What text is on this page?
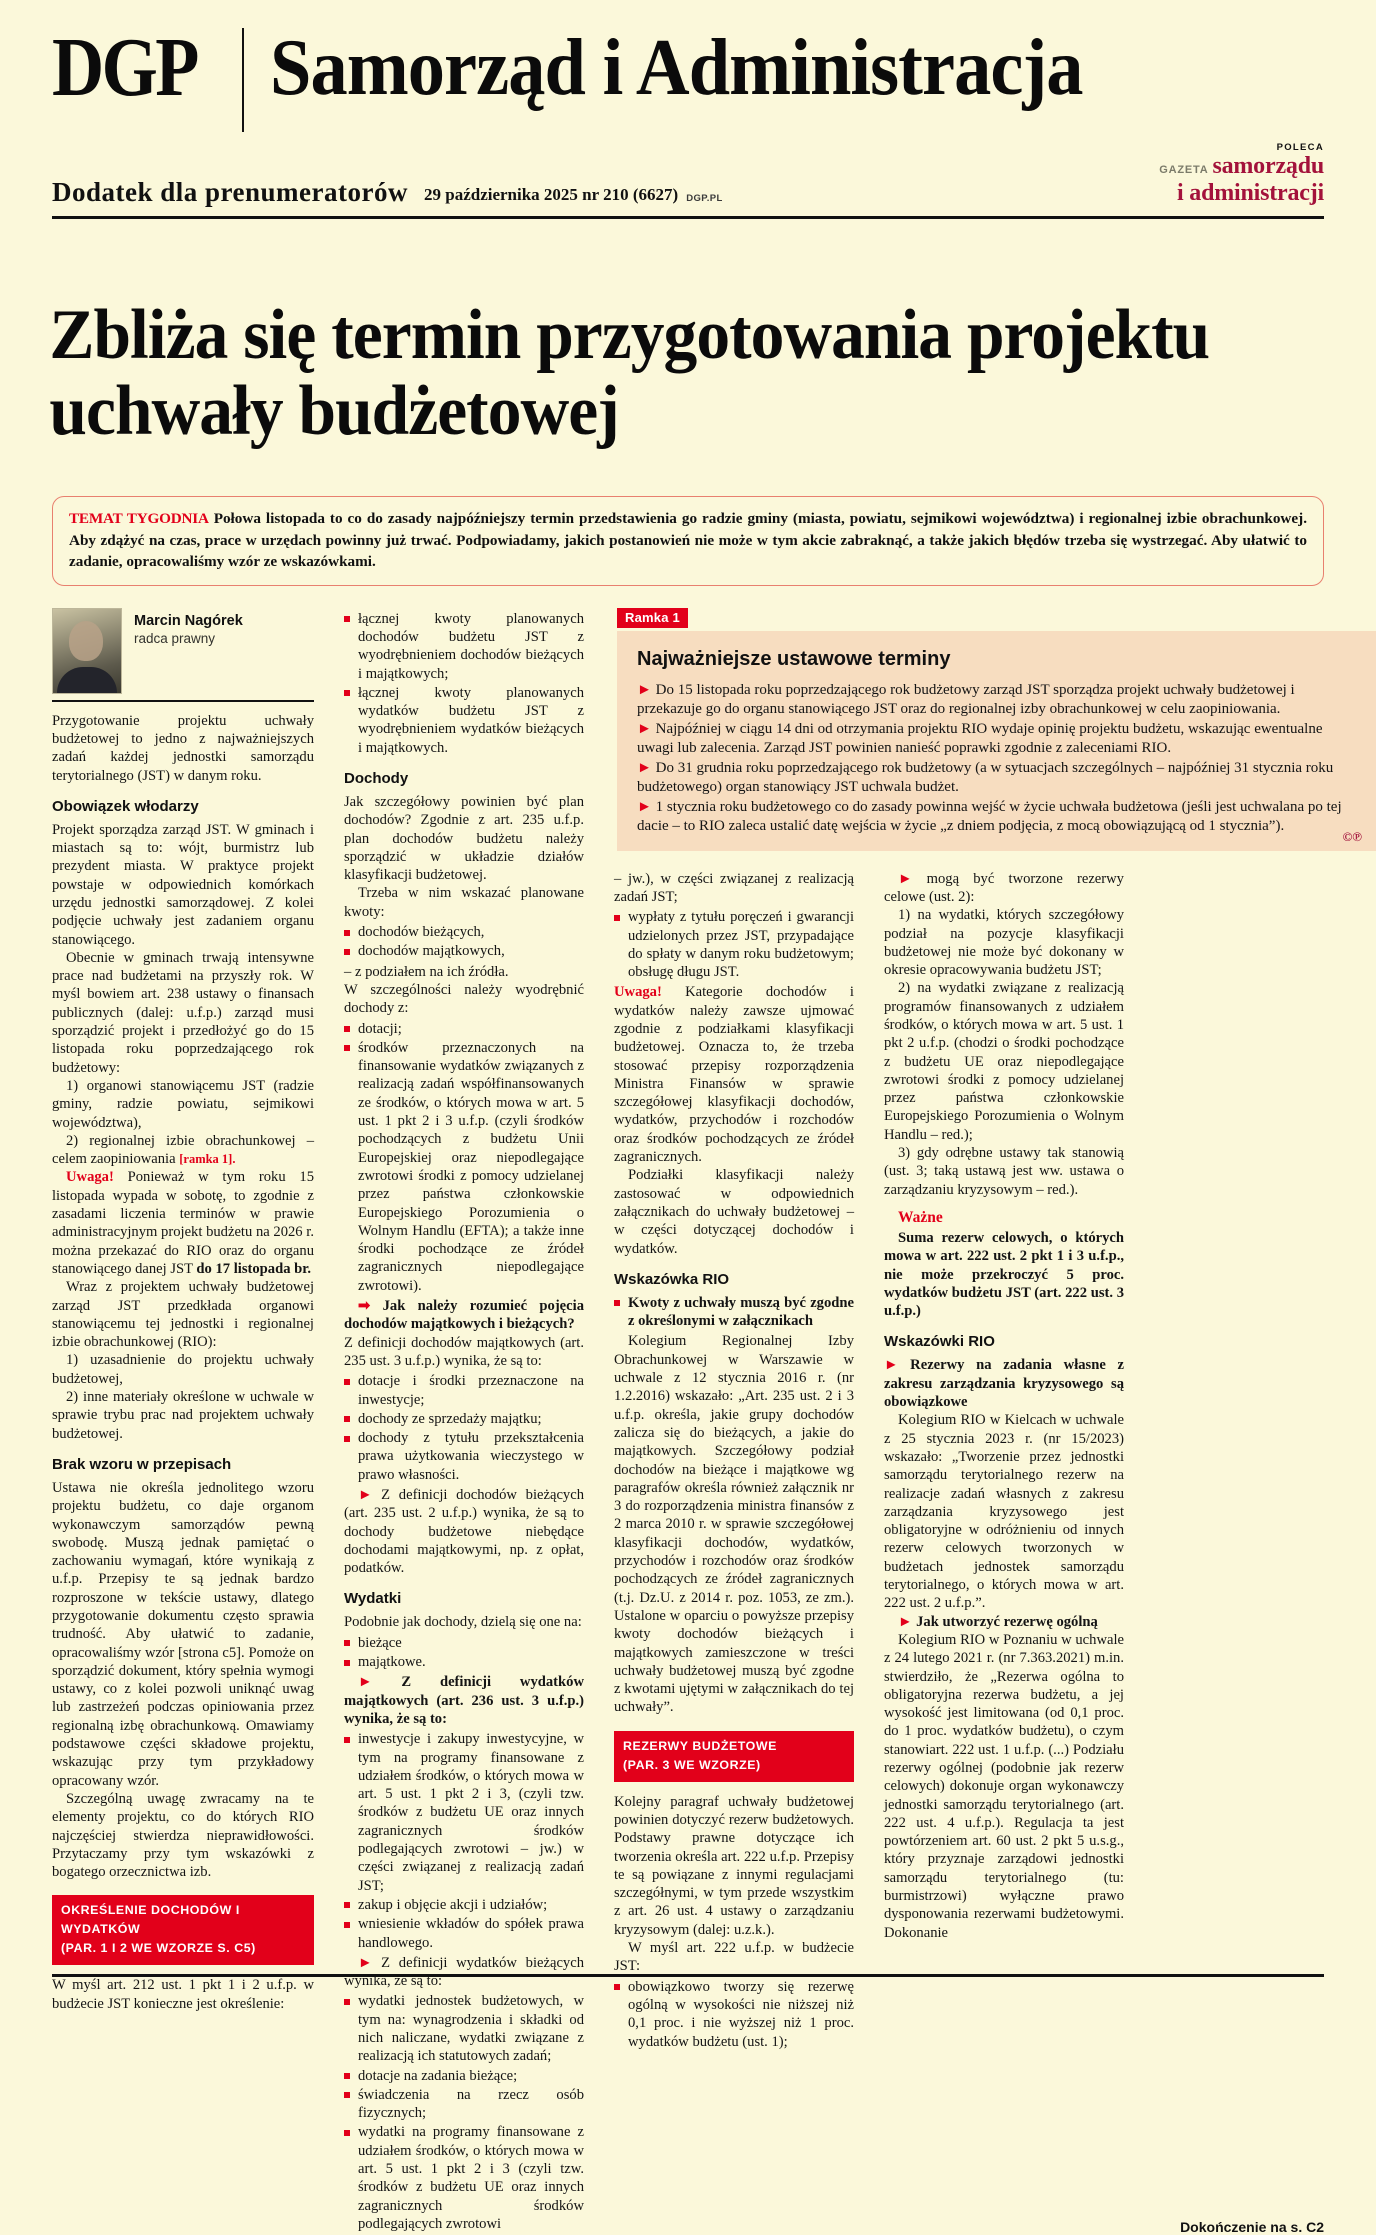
DGP Samorząd i Administracja
Dodatek dla prenumeratorów 29 października 2025 nr 210 (6627) DGP.PL
POLECA
GAZETA samorządu
i administracji
Zbliża się termin przygotowania projektu uchwały budżetowej

TEMAT TYGODNIA Połowa listopada to co do zasady najpóźniejszy termin przedstawienia go radzie gminy (miasta, powiatu, sejmikowi województwa) i regionalnej izbie obrachunkowej. Aby zdążyć na czas, prace w urzędach powinny już trwać. Podpowiadamy, jakich postanowień nie może w tym akcie zabraknąć, a także jakich błędów trzeba się wystrzegać. Aby ułatwić to zadanie, opracowaliśmy wzór ze wskazówkami.

Marcin Nagórek
radca prawny

Przygotowanie projektu uchwały budżetowej to jedno z najważniejszych zadań każdej jednostki samorządu terytorialnego (JST) w danym roku.

Obowiązek włodarzy

Projekt sporządza zarząd JST. W gminach i miastach są to: wójt, burmistrz lub prezydent miasta. W praktyce projekt powstaje w odpowiednich komórkach urzędu jednostki samorządowej. Z kolei podjęcie uchwały jest zadaniem organu stanowiącego.

Obecnie w gminach trwają intensywne prace nad budżetami na przyszły rok. W myśl bowiem art. 238 ustawy o finansach publicznych (dalej: u.f.p.) zarząd musi sporządzić projekt i przedłożyć go do 15 listopada roku poprzedzającego rok budżetowy:

1) organowi stanowiącemu JST (radzie gminy, radzie powiatu, sejmikowi województwa),

2) regionalnej izbie obrachunkowej – celem zaopiniowania [ramka 1].

Uwaga! Ponieważ w tym roku 15 listopada wypada w sobotę, to zgodnie z zasadami liczenia terminów w prawie administracyjnym projekt budżetu na 2026 r. można przekazać do RIO oraz do organu stanowiącego danej JST do 17 listopada br.

Wraz z projektem uchwały budżetowej zarząd JST przedkłada organowi stanowiącemu tej jednostki i regionalnej izbie obrachunkowej (RIO):

1) uzasadnienie do projektu uchwały budżetowej,

2) inne materiały określone w uchwale w sprawie trybu prac nad projektem uchwały budżetowej.

Brak wzoru w przepisach

Ustawa nie określa jednolitego wzoru projektu budżetu, co daje organom wykonawczym samorządów pewną swobodę. Muszą jednak pamiętać o zachowaniu wymagań, które wynikają z u.f.p. Przepisy te są jednak bardzo rozproszone w tekście ustawy, dlatego przygotowanie dokumentu często sprawia trudność. Aby ułatwić to zadanie, opracowaliśmy wzór [strona c5]. Pomoże on sporządzić dokument, który spełnia wymogi ustawy, co z kolei pozwoli uniknąć uwag lub zastrzeżeń podczas opiniowania przez regionalną izbę obrachunkową. Omawiamy podstawowe części składowe projektu, wskazując przy tym przykładowy opracowany wzór.

Szczególną uwagę zwracamy na te elementy projektu, co do których RIO najczęściej stwierdza nieprawidłowości. Przytaczamy przy tym wskazówki z bogatego orzecznictwa izb.

OKREŚLENIE DOCHODÓW I WYDATKÓW
(PAR. 1 I 2 WE WZORZE S. C5)

W myśl art. 212 ust. 1 pkt 1 i 2 u.f.p. w budżecie JST konieczne jest określenie:

łącznej kwoty planowanych dochodów budżetu JST z wyodrębnieniem dochodów bieżących i majątkowych;
łącznej kwoty planowanych wydatków budżetu JST z wyodrębnieniem wydatków bieżących i majątkowych.
Dochody

Jak szczegółowy powinien być plan dochodów? Zgodnie z art. 235 u.f.p. plan dochodów budżetu należy sporządzić w układzie działów klasyfikacji budżetowej.

Trzeba w nim wskazać planowane kwoty:

dochodów bieżących,
dochodów majątkowych,

– z podziałem na ich źródła.

W szczególności należy wyodrębnić dochody z:

dotacji;
środków przeznaczonych na finansowanie wydatków związanych z realizacją zadań współfinansowanych ze środków, o których mowa w art. 5 ust. 1 pkt 2 i 3 u.f.p. (czyli środków pochodzących z budżetu Unii Europejskiej oraz niepodlegające zwrotowi środki z pomocy udzielanej przez państwa członkowskie Europejskiego Porozumienia o Wolnym Handlu (EFTA); a także inne środki pochodzące ze źródeł zagranicznych niepodlegające zwrotowi).

➡ Jak należy rozumieć pojęcia dochodów majątkowych i bieżących?

Z definicji dochodów majątkowych (art. 235 ust. 3 u.f.p.) wynika, że są to:

dotacje i środki przeznaczone na inwestycje;
dochody ze sprzedaży majątku;
dochody z tytułu przekształcenia prawa użytkowania wieczystego w prawo własności.

► Z definicji dochodów bieżących (art. 235 ust. 2 u.f.p.) wynika, że są to dochody budżetowe niebędące dochodami majątkowymi, np. z opłat, podatków.

Wydatki

Podobnie jak dochody, dzielą się one na:

bieżące
majątkowe.

► Z definicji wydatków majątkowych (art. 236 ust. 3 u.f.p.) wynika, że są to:

inwestycje i zakupy inwestycyjne, w tym na programy finansowane z udziałem środków, o których mowa w art. 5 ust. 1 pkt 2 i 3, (czyli tzw. środków z budżetu UE oraz innych zagranicznych środków podlegających zwrotowi – jw.) w części związanej z realizacją zadań JST;
zakup i objęcie akcji i udziałów;
wniesienie wkładów do spółek prawa handlowego.

► Z definicji wydatków bieżących wynika, że są to:

wydatki jednostek budżetowych, w tym na: wynagrodzenia i składki od nich naliczane, wydatki związane z realizacją ich statutowych zadań;
dotacje na zadania bieżące;
świadczenia na rzecz osób fizycznych;
wydatki na programy finansowane z udziałem środków, o których mowa w art. 5 ust. 1 pkt 2 i 3 (czyli tzw. środków z budżetu UE oraz innych zagranicznych środków podlegających zwrotowi

– jw.), w części związanej z realizacją zadań JST;

wypłaty z tytułu poręczeń i gwarancji udzielonych przez JST, przypadające do spłaty w danym roku budżetowym; obsługę długu JST.

Uwaga! Kategorie dochodów i wydatków należy zawsze ujmować zgodnie z podziałkami klasyfikacji budżetowej. Oznacza to, że trzeba stosować przepisy rozporządzenia Ministra Finansów w sprawie szczegółowej klasyfikacji dochodów, wydatków, przychodów i rozchodów oraz środków pochodzących ze źródeł zagranicznych.

Podziałki klasyfikacji należy zastosować w odpowiednich załącznikach do uchwały budżetowej – w części dotyczącej dochodów i wydatków.

Wskazówka RIO
Kwoty z uchwały muszą być zgodne z określonymi w załącznikach

Kolegium Regionalnej Izby Obrachunkowej w Warszawie w uchwale z 12 stycznia 2016 r. (nr 1.2.2016) wskazało: „Art. 235 ust. 2 i 3 u.f.p. określa, jakie grupy dochodów zalicza się do bieżących, a jakie do majątkowych. Szczegółowy podział dochodów na bieżące i majątkowe wg paragrafów określa również załącznik nr 3 do rozporządzenia ministra finansów z 2 marca 2010 r. w sprawie szczegółowej klasyfikacji dochodów, wydatków, przychodów i rozchodów oraz środków pochodzących ze źródeł zagranicznych (t.j. Dz.U. z 2014 r. poz. 1053, ze zm.). Ustalone w oparciu o powyższe przepisy kwoty dochodów bieżących i majątkowych zamieszczone w treści uchwały budżetowej muszą być zgodne z kwotami ujętymi w załącznikach do tej uchwały”.

REZERWY BUDŻETOWE
(PAR. 3 WE WZORZE)

Kolejny paragraf uchwały budżetowej powinien dotyczyć rezerw budżetowych. Podstawy prawne dotyczące ich tworzenia określa art. 222 u.f.p. Przepisy te są powiązane z innymi regulacjami szczegółnymi, w tym przede wszystkim z art. 26 ust. 4 ustawy o zarządzaniu kryzysowym (dalej: u.z.k.).

W myśl art. 222 u.f.p. w budżecie JST:

obowiązkowo tworzy się rezerwę ogólną w wysokości nie niższej niż 0,1 proc. i nie wyższej niż 1 proc. wydatków budżetu (ust. 1);

► mogą być tworzone rezerwy celowe (ust. 2):

1) na wydatki, których szczegółowy podział na pozycje klasyfikacji budżetowej nie może być dokonany w okresie opracowywania budżetu JST;

2) na wydatki związane z realizacją programów finansowanych z udziałem środków, o których mowa w art. 5 ust. 1 pkt 2 u.f.p. (chodzi o środki pochodzące z budżetu UE oraz niepodlegające zwrotowi środki z pomocy udzielanej przez państwa członkowskie Europejskiego Porozumienia o Wolnym Handlu – red.);

3) gdy odrębne ustawy tak stanowią (ust. 3; taką ustawą jest ww. ustawa o zarządzaniu kryzysowym – red.).

Ważne

Suma rezerw celowych, o których mowa w art. 222 ust. 2 pkt 1 i 3 u.f.p., nie może przekroczyć 5 proc. wydatków budżetu JST (art. 222 ust. 3 u.f.p.)

Wskazówki RIO

► Rezerwy na zadania własne z zakresu zarządzania kryzysowego są obowiązkowe

Kolegium RIO w Kielcach w uchwale z 25 stycznia 2023 r. (nr 15/2023) wskazało: „Tworzenie przez jednostki samorządu terytorialnego rezerw na realizacje zadań własnych z zakresu zarządzania kryzysowego jest obligatoryjne w odróżnieniu od innych rezerw celowych tworzonych w budżetach jednostek samorządu terytorialnego, o których mowa w art. 222 ust. 2 u.f.p.”.

► Jak utworzyć rezerwę ogólną

Kolegium RIO w Poznaniu w uchwale z 24 lutego 2021 r. (nr 7.363.2021) m.in. stwierdziło, że „Rezerwa ogólna to obligatoryjna rezerwa budżetu, a jej wysokość jest limitowana (od 0,1 proc. do 1 proc. wydatków budżetu), o czym stanowiart. 222 ust. 1 u.f.p. (...) Podziału rezerwy ogólnej (podobnie jak rezerw celowych) dokonuje organ wykonawczy jednostki samorządu terytorialnego (art. 222 ust. 4 u.f.p.). Regulacja ta jest powtórzeniem art. 60 ust. 2 pkt 5 u.s.g., który przyznaje zarządowi jednostki samorządu terytorialnego (tu: burmistrzowi) wyłączne prawo dysponowania rezerwami budżetowymi. Dokonanie

Ramka 1
Najważniejsze ustawowe terminy

► Do 15 listopada roku poprzedzającego rok budżetowy zarząd JST sporządza projekt uchwały budżetowej i przekazuje go do organu stanowiącego JST oraz do regionalnej izby obrachunkowej w celu zaopiniowania.

► Najpóźniej w ciągu 14 dni od otrzymania projektu RIO wydaje opinię projektu budżetu, wskazując ewentualne uwagi lub zalecenia. Zarząd JST powinien nanieść poprawki zgodnie z zaleceniami RIO.

► Do 31 grudnia roku poprzedzającego rok budżetowy (a w sytuacjach szczególnych – najpóźniej 31 stycznia roku budżetowego) organ stanowiący JST uchwala budżet.

► 1 stycznia roku budżetowego co do zasady powinna wejść w życie uchwała budżetowa (jeśli jest uchwalana po tej dacie – to RIO zaleca ustalić datę wejścia w życie „z dniem podjęcia, z mocą obowiązującą od 1 stycznia”).

©℗
Dokończenie na s. C2
